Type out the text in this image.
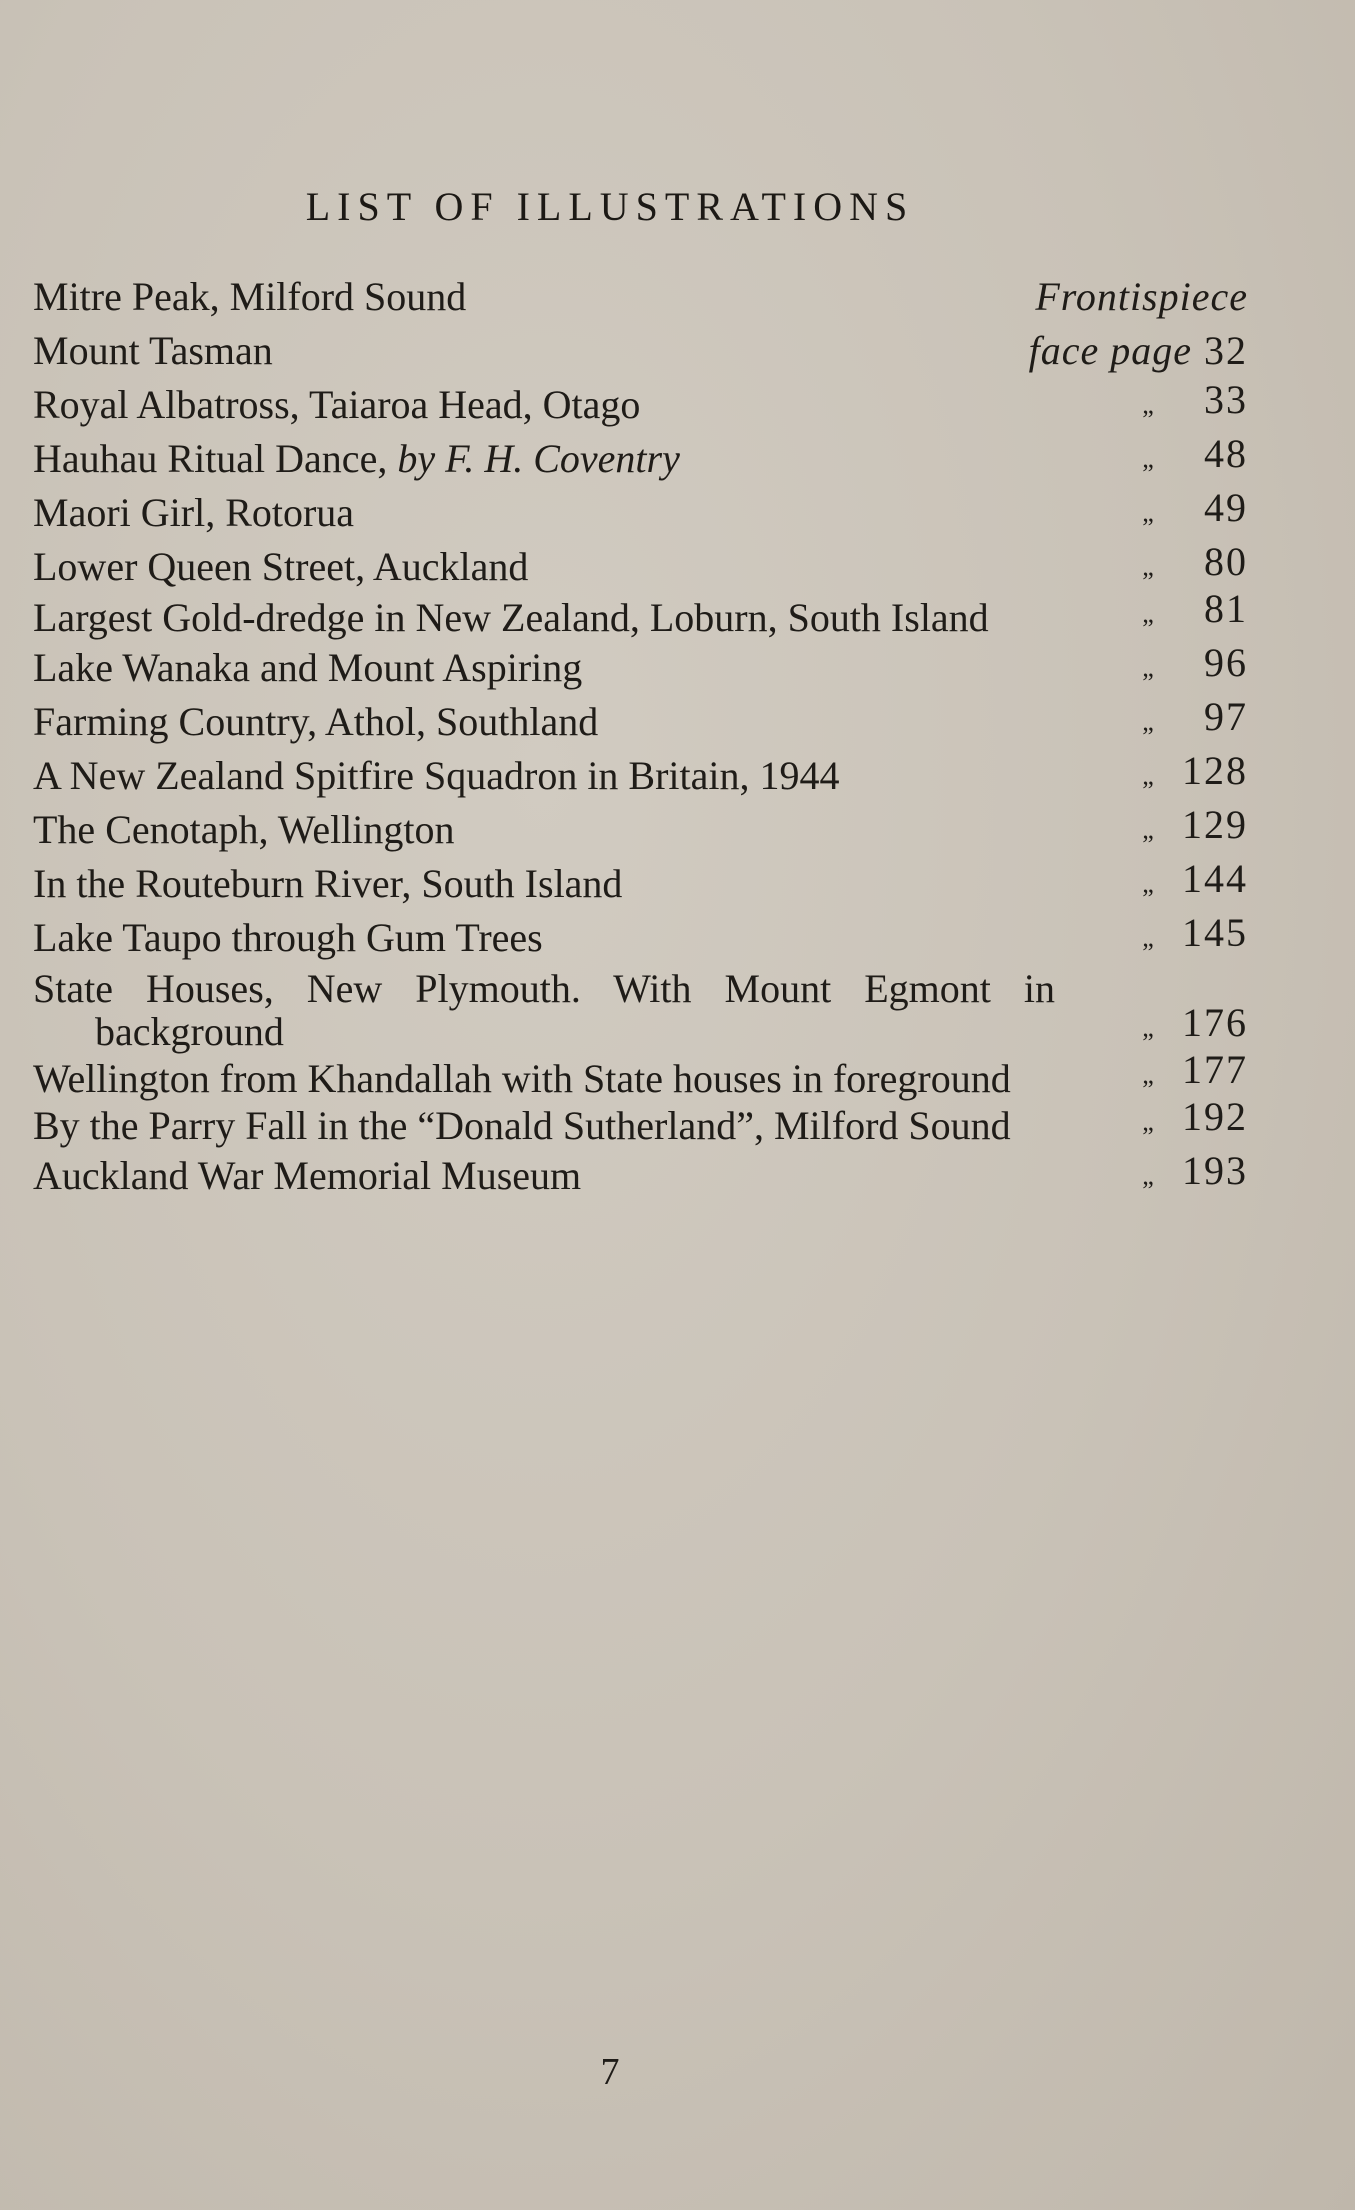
LIST OF ILLUSTRATIONS
Mitre Peak, Milford Sound	Frontispiece
Mount Tasman	face page 32
Royal Albatross, Taiaroa Head, Otago	„	33
Hauhau Ritual Dance, by F. H. Coventry	„	48
Maori Girl, Rotorua	„	49
Lower Queen Street, Auckland	„	80
Largest Gold-dredge in New Zealand, Loburn, South Island	„	81
Lake Wanaka and Mount Aspiring	„	96
Farming Country, Athol, Southland	„	97
A New Zealand Spitfire Squadron in Britain, 1944	„ 128
The Cenotaph, Wellington	„ 129
In the Routeburn River, South Island	„ 144
Lake Taupo through Gum Trees	„ 145
State Houses, New Plymouth. With Mount Egmont in background	„ 176
Wellington from Khandallah with State houses in foreground	„ 177
By the Parry Fall in the “Donald Sutherland”, Milford Sound	„ 192
Auckland War Memorial Museum	„ 193
7
